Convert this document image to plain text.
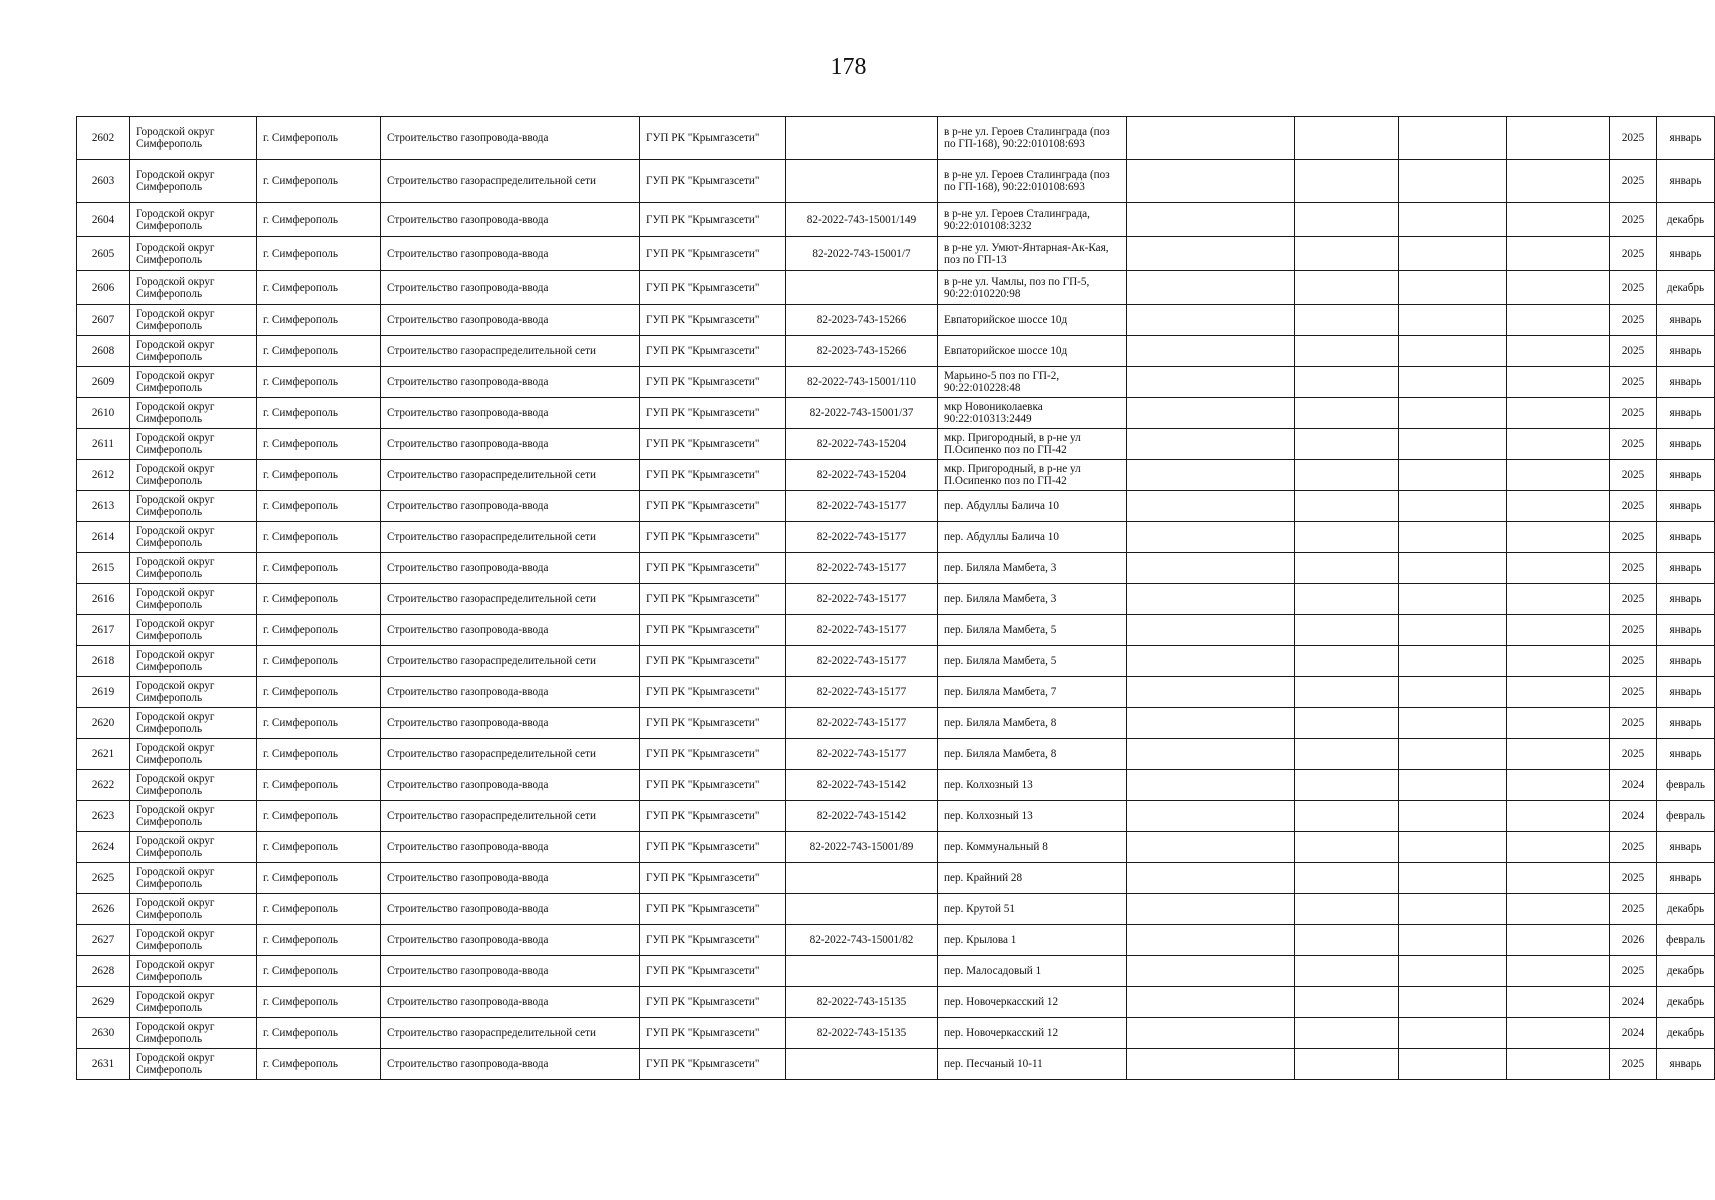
178
2602	Городской округ Симферополь	г. Симферополь	Строительство газопровода-ввода	ГУП РК "Крымгазсети"		в р-не ул. Героев Сталинграда (поз по ГП-168), 90:22:010108:693					2025	январь
2603	Городской округ Симферополь	г. Симферополь	Строительство газораспределительной сети	ГУП РК "Крымгазсети"		в р-не ул. Героев Сталинграда (поз по ГП-168), 90:22:010108:693					2025	январь
2604	Городской округ Симферополь	г. Симферополь	Строительство газопровода-ввода	ГУП РК "Крымгазсети"	82-2022-743-15001/149	в р-не ул. Героев Сталинграда, 90:22:010108:3232					2025	декабрь
2605	Городской округ Симферополь	г. Симферополь	Строительство газопровода-ввода	ГУП РК "Крымгазсети"	82-2022-743-15001/7	в р-не ул. Умют-Янтарная-Ак-Кая, поз по ГП-13					2025	январь
2606	Городской округ Симферополь	г. Симферополь	Строительство газопровода-ввода	ГУП РК "Крымгазсети"		в р-не ул. Чамлы, поз по ГП-5, 90:22:010220:98					2025	декабрь
2607	Городской округ Симферополь	г. Симферополь	Строительство газопровода-ввода	ГУП РК "Крымгазсети"	82-2023-743-15266	Евпаторийское шоссе 10д					2025	январь
2608	Городской округ Симферополь	г. Симферополь	Строительство газораспределительной сети	ГУП РК "Крымгазсети"	82-2023-743-15266	Евпаторийское шоссе 10д					2025	январь
2609	Городской округ Симферополь	г. Симферополь	Строительство газопровода-ввода	ГУП РК "Крымгазсети"	82-2022-743-15001/110	Марьино-5 поз по ГП-2, 90:22:010228:48					2025	январь
2610	Городской округ Симферополь	г. Симферополь	Строительство газопровода-ввода	ГУП РК "Крымгазсети"	82-2022-743-15001/37	мкр Новониколаевка 90:22:010313:2449					2025	январь
2611	Городской округ Симферополь	г. Симферополь	Строительство газопровода-ввода	ГУП РК "Крымгазсети"	82-2022-743-15204	мкр. Пригородный, в р-не ул П.Осипенко поз по ГП-42					2025	январь
2612	Городской округ Симферополь	г. Симферополь	Строительство газораспределительной сети	ГУП РК "Крымгазсети"	82-2022-743-15204	мкр. Пригородный, в р-не ул П.Осипенко поз по ГП-42					2025	январь
2613	Городской округ Симферополь	г. Симферополь	Строительство газопровода-ввода	ГУП РК "Крымгазсети"	82-2022-743-15177	пер. Абдуллы Балича 10					2025	январь
2614	Городской округ Симферополь	г. Симферополь	Строительство газораспределительной сети	ГУП РК "Крымгазсети"	82-2022-743-15177	пер. Абдуллы Балича 10					2025	январь
2615	Городской округ Симферополь	г. Симферополь	Строительство газопровода-ввода	ГУП РК "Крымгазсети"	82-2022-743-15177	пер. Биляла Мамбета, 3					2025	январь
2616	Городской округ Симферополь	г. Симферополь	Строительство газораспределительной сети	ГУП РК "Крымгазсети"	82-2022-743-15177	пер. Биляла Мамбета, 3					2025	январь
2617	Городской округ Симферополь	г. Симферополь	Строительство газопровода-ввода	ГУП РК "Крымгазсети"	82-2022-743-15177	пер. Биляла Мамбета, 5					2025	январь
2618	Городской округ Симферополь	г. Симферополь	Строительство газораспределительной сети	ГУП РК "Крымгазсети"	82-2022-743-15177	пер. Биляла Мамбета, 5					2025	январь
2619	Городской округ Симферополь	г. Симферополь	Строительство газопровода-ввода	ГУП РК "Крымгазсети"	82-2022-743-15177	пер. Биляла Мамбета, 7					2025	январь
2620	Городской округ Симферополь	г. Симферополь	Строительство газопровода-ввода	ГУП РК "Крымгазсети"	82-2022-743-15177	пер. Биляла Мамбета, 8					2025	январь
2621	Городской округ Симферополь	г. Симферополь	Строительство газораспределительной сети	ГУП РК "Крымгазсети"	82-2022-743-15177	пер. Биляла Мамбета, 8					2025	январь
2622	Городской округ Симферополь	г. Симферополь	Строительство газопровода-ввода	ГУП РК "Крымгазсети"	82-2022-743-15142	пер. Колхозный 13					2024	февраль
2623	Городской округ Симферополь	г. Симферополь	Строительство газораспределительной сети	ГУП РК "Крымгазсети"	82-2022-743-15142	пер. Колхозный 13					2024	февраль
2624	Городской округ Симферополь	г. Симферополь	Строительство газопровода-ввода	ГУП РК "Крымгазсети"	82-2022-743-15001/89	пер. Коммунальный 8					2025	январь
2625	Городской округ Симферополь	г. Симферополь	Строительство газопровода-ввода	ГУП РК "Крымгазсети"		пер. Крайний 28					2025	январь
2626	Городской округ Симферополь	г. Симферополь	Строительство газопровода-ввода	ГУП РК "Крымгазсети"		пер. Крутой 51					2025	декабрь
2627	Городской округ Симферополь	г. Симферополь	Строительство газопровода-ввода	ГУП РК "Крымгазсети"	82-2022-743-15001/82	пер. Крылова 1					2026	февраль
2628	Городской округ Симферополь	г. Симферополь	Строительство газопровода-ввода	ГУП РК "Крымгазсети"		пер. Малосадовый 1					2025	декабрь
2629	Городской округ Симферополь	г. Симферополь	Строительство газопровода-ввода	ГУП РК "Крымгазсети"	82-2022-743-15135	пер. Новочеркасский 12					2024	декабрь
2630	Городской округ Симферополь	г. Симферополь	Строительство газораспределительной сети	ГУП РК "Крымгазсети"	82-2022-743-15135	пер. Новочеркасский 12					2024	декабрь
2631	Городской округ Симферополь	г. Симферополь	Строительство газопровода-ввода	ГУП РК "Крымгазсети"		пер. Песчаный 10-11					2025	январь
